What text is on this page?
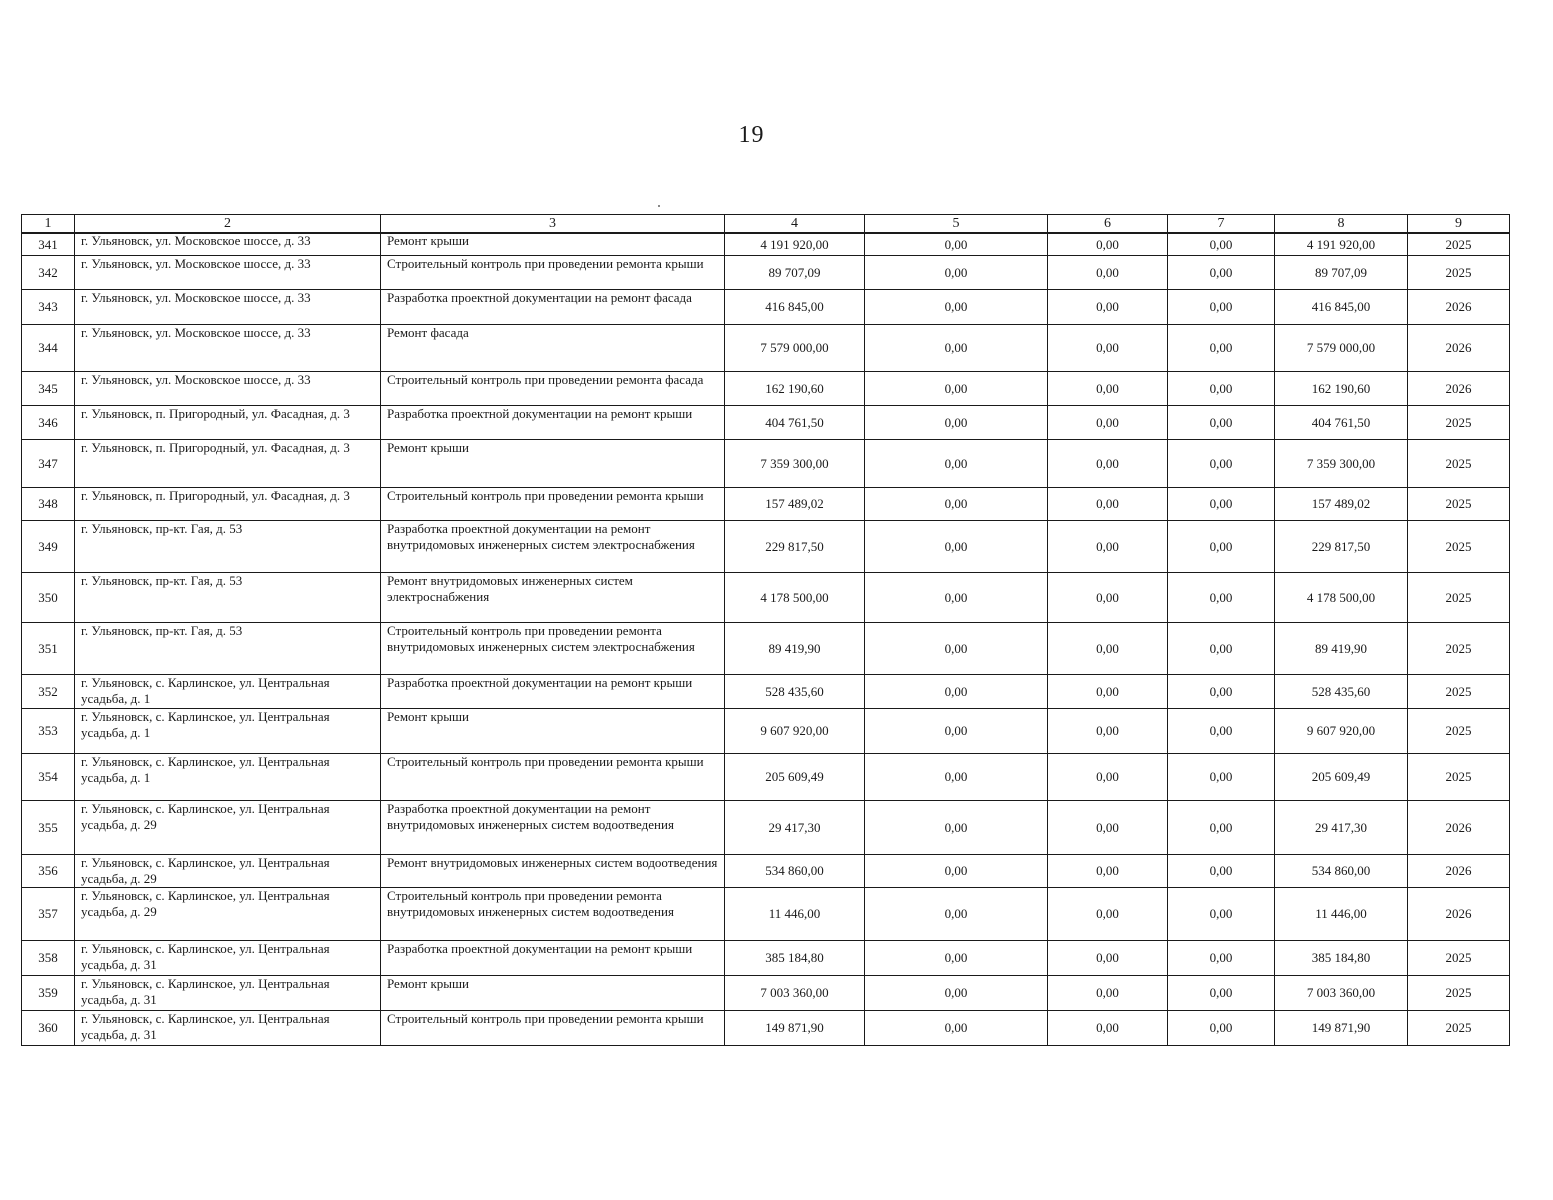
19
1	2	3	4	5	6	7	8	9
341	г. Ульяновск, ул. Московское шоссе, д. 33	Ремонт крыши	4 191 920,00	0,00	0,00	0,00	4 191 920,00	2025
342	г. Ульяновск, ул. Московское шоссе, д. 33	Строительный контроль при проведении ремонта крыши	89 707,09	0,00	0,00	0,00	89 707,09	2025
343	г. Ульяновск, ул. Московское шоссе, д. 33	Разработка проектной документации на ремонт фасада	416 845,00	0,00	0,00	0,00	416 845,00	2026
344	г. Ульяновск, ул. Московское шоссе, д. 33	Ремонт фасада	7 579 000,00	0,00	0,00	0,00	7 579 000,00	2026
345	г. Ульяновск, ул. Московское шоссе, д. 33	Строительный контроль при проведении ремонта фасада	162 190,60	0,00	0,00	0,00	162 190,60	2026
346	г. Ульяновск, п. Пригородный, ул. Фасадная, д. 3	Разработка проектной документации на ремонт крыши	404 761,50	0,00	0,00	0,00	404 761,50	2025
347	г. Ульяновск, п. Пригородный, ул. Фасадная, д. 3	Ремонт крыши	7 359 300,00	0,00	0,00	0,00	7 359 300,00	2025
348	г. Ульяновск, п. Пригородный, ул. Фасадная, д. 3	Строительный контроль при проведении ремонта крыши	157 489,02	0,00	0,00	0,00	157 489,02	2025
349	г. Ульяновск, пр-кт. Гая, д. 53	Разработка проектной документации на ремонт внутридомовых инженерных систем электроснабжения	229 817,50	0,00	0,00	0,00	229 817,50	2025
350	г. Ульяновск, пр-кт. Гая, д. 53	Ремонт внутридомовых инженерных систем электроснабжения	4 178 500,00	0,00	0,00	0,00	4 178 500,00	2025
351	г. Ульяновск, пр-кт. Гая, д. 53	Строительный контроль при проведении ремонта внутридомовых инженерных систем электроснабжения	89 419,90	0,00	0,00	0,00	89 419,90	2025
352	г. Ульяновск, с. Карлинское, ул. Центральная усадьба, д. 1	Разработка проектной документации на ремонт крыши	528 435,60	0,00	0,00	0,00	528 435,60	2025
353	г. Ульяновск, с. Карлинское, ул. Центральная усадьба, д. 1	Ремонт крыши	9 607 920,00	0,00	0,00	0,00	9 607 920,00	2025
354	г. Ульяновск, с. Карлинское, ул. Центральная усадьба, д. 1	Строительный контроль при проведении ремонта крыши	205 609,49	0,00	0,00	0,00	205 609,49	2025
355	г. Ульяновск, с. Карлинское, ул. Центральная усадьба, д. 29	Разработка проектной документации на ремонт внутридомовых инженерных систем водоотведения	29 417,30	0,00	0,00	0,00	29 417,30	2026
356	г. Ульяновск, с. Карлинское, ул. Центральная усадьба, д. 29	Ремонт внутридомовых инженерных систем водоотведения	534 860,00	0,00	0,00	0,00	534 860,00	2026
357	г. Ульяновск, с. Карлинское, ул. Центральная усадьба, д. 29	Строительный контроль при проведении ремонта внутридомовых инженерных систем водоотведения	11 446,00	0,00	0,00	0,00	11 446,00	2026
358	г. Ульяновск, с. Карлинское, ул. Центральная усадьба, д. 31	Разработка проектной документации на ремонт крыши	385 184,80	0,00	0,00	0,00	385 184,80	2025
359	г. Ульяновск, с. Карлинское, ул. Центральная усадьба, д. 31	Ремонт крыши	7 003 360,00	0,00	0,00	0,00	7 003 360,00	2025
360	г. Ульяновск, с. Карлинское, ул. Центральная усадьба, д. 31	Строительный контроль при проведении ремонта крыши	149 871,90	0,00	0,00	0,00	149 871,90	2025
